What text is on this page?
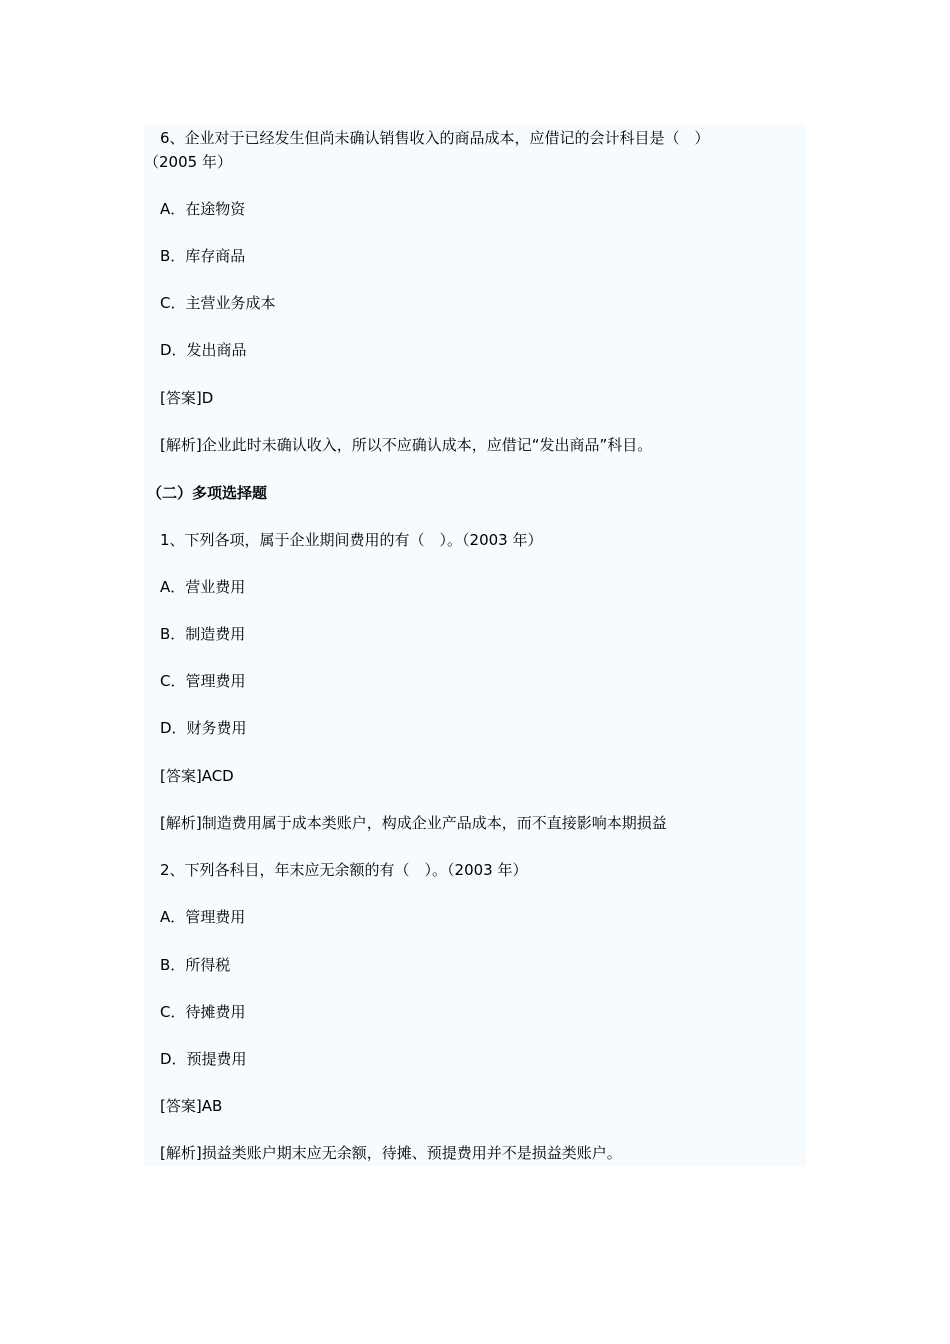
6、企业对于已经发生但尚未确认销售收入的商品成本，应借记的会计科目是（　）
（2005 年）
A．在途物资
B．库存商品
C．主营业务成本
D．发出商品
[答案]D
[解析]企业此时未确认收入，所以不应确认成本，应借记“发出商品”科目。
（二）多项选择题
1、下列各项，属于企业期间费用的有（　）。（2003 年）
A．营业费用
B．制造费用
C．管理费用
D．财务费用
[答案]ACD
[解析]制造费用属于成本类账户，构成企业产品成本，而不直接影响本期损益
2、下列各科目，年末应无余额的有（　）。（2003 年）
A．管理费用
B．所得税
C．待摊费用
D．预提费用
[答案]AB
[解析]损益类账户期末应无余额，待摊、预提费用并不是损益类账户。
